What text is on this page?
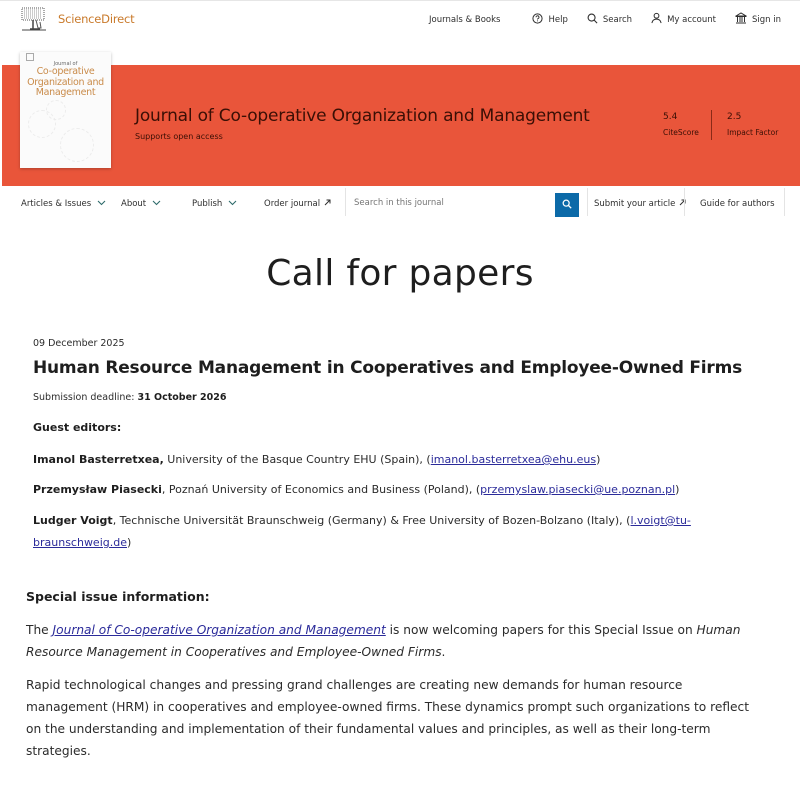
ScienceDirect	Journals & Books	Help	Search	My account	Sign in
Journal of
Co-operative Organization and Management
Journal of Co-operative Organization and Management
Supports open access
5.4
CiteScore
2.5
Impact Factor
Articles & Issues	About	Publish	Order journal
Search in this journal	Submit your article	Guide for authors
Call for papers
09 December 2025
Human Resource Management in Cooperatives and Employee-Owned Firms
Submission deadline: 31 October 2026
Guest editors:
Imanol Basterretxea, University of the Basque Country EHU (Spain), (imanol.basterretxea@ehu.eus)
Przemysław Piasecki, Poznań University of Economics and Business (Poland), (przemyslaw.piasecki@ue.poznan.pl)
Ludger Voigt, Technische Universität Braunschweig (Germany) & Free University of Bozen-Bolzano (Italy), (l.voigt@tu-braunschweig.de)
Special issue information:

The Journal of Co-operative Organization and Management is now welcoming papers for this Special Issue on Human Resource Management in Cooperatives and Employee-Owned Firms.

Rapid technological changes and pressing grand challenges are creating new demands for human resource management (HRM) in cooperatives and employee-owned firms. These dynamics prompt such organizations to reflect on the understanding and implementation of their fundamental values and principles, as well as their long-term strategies.
